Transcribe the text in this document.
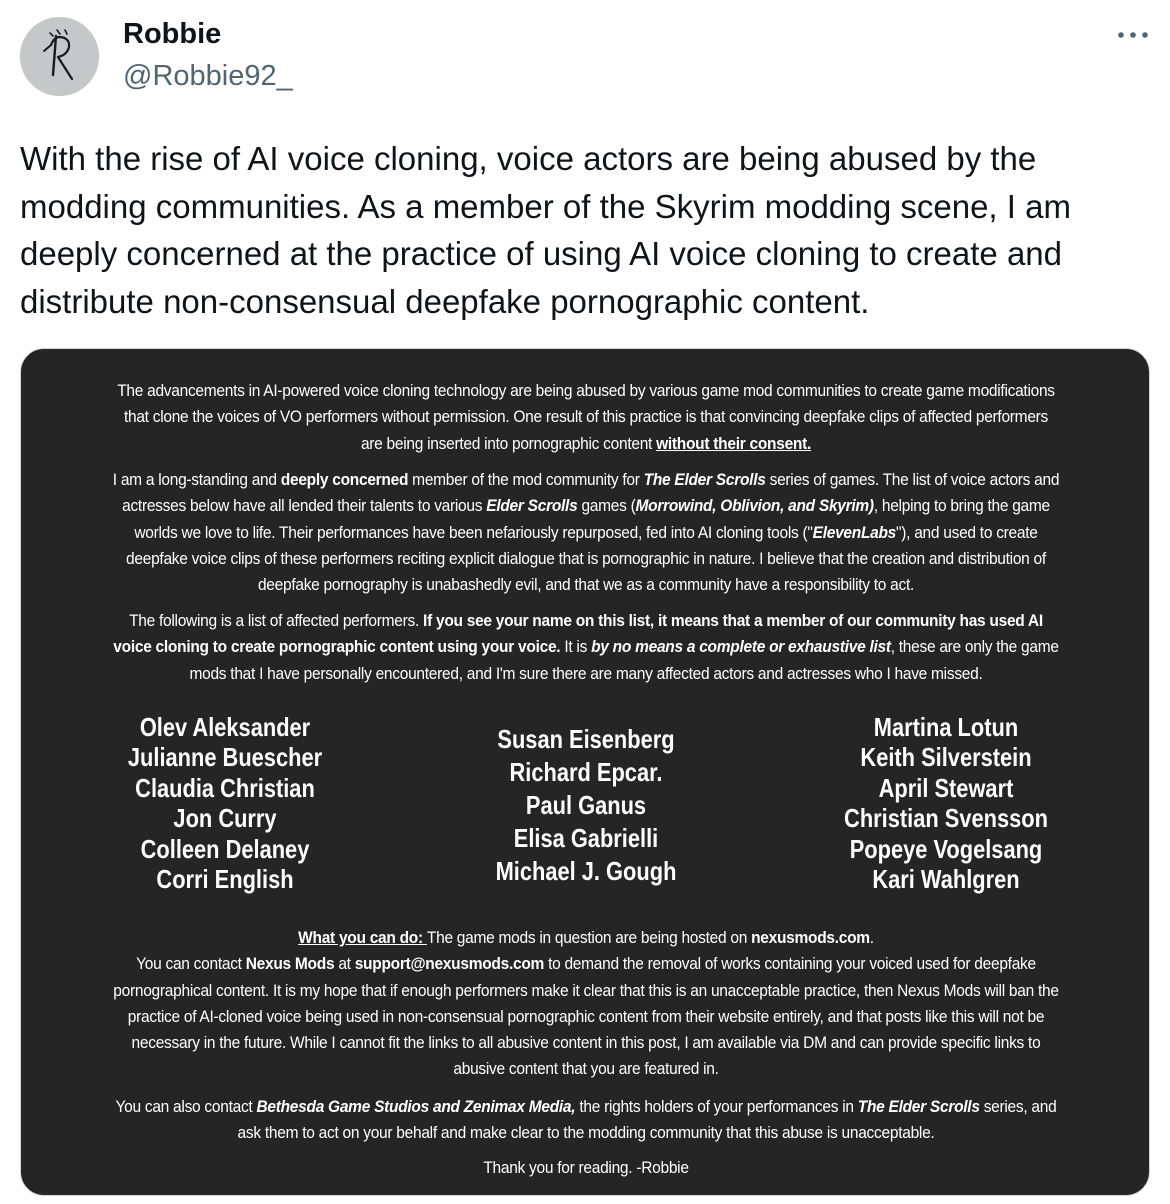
Robbie
@Robbie92_
With the rise of AI voice cloning, voice actors are being abused by the modding communities. As a member of the Skyrim modding scene, I am deeply concerned at the practice of using AI voice cloning to create and distribute non-consensual deepfake pornographic content.
The advancements in AI-powered voice cloning technology are being abused by various game mod communities to create game modifications that clone the voices of VO performers without permission. One result of this practice is that convincing deepfake clips of affected performers are being inserted into pornographic content without their consent.
I am a long-standing and deeply concerned member of the mod community for The Elder Scrolls series of games. The list of voice actors and actresses below have all lended their talents to various Elder Scrolls games (Morrowind, Oblivion, and Skyrim), helping to bring the game worlds we love to life. Their performances have been nefariously repurposed, fed into AI cloning tools ("ElevenLabs"), and used to create deepfake voice clips of these performers reciting explicit dialogue that is pornographic in nature. I believe that the creation and distribution of deepfake pornography is unabashedly evil, and that we as a community have a responsibility to act.
The following is a list of affected performers. If you see your name on this list, it means that a member of our community has used AI voice cloning to create pornographic content using your voice. It is by no means a complete or exhaustive list, these are only the game mods that I have personally encountered, and I'm sure there are many affected actors and actresses who I have missed.
Olev Aleksander
Julianne Buescher
Claudia Christian
Jon Curry
Colleen Delaney
Corri English
Susan Eisenberg
Richard Epcar.
Paul Ganus
Elisa Gabrielli
Michael J. Gough
Martina Lotun
Keith Silverstein
April Stewart
Christian Svensson
Popeye Vogelsang
Kari Wahlgren
What you can do: The game mods in question are being hosted on nexusmods.com.
You can contact Nexus Mods at support@nexusmods.com to demand the removal of works containing your voiced used for deepfake pornographical content. It is my hope that if enough performers make it clear that this is an unacceptable practice, then Nexus Mods will ban the practice of AI-cloned voice being used in non-consensual pornographic content from their website entirely, and that posts like this will not be necessary in the future. While I cannot fit the links to all abusive content in this post, I am available via DM and can provide specific links to abusive content that you are featured in.
You can also contact Bethesda Game Studios and Zenimax Media, the rights holders of your performances in The Elder Scrolls series, and ask them to act on your behalf and make clear to the modding community that this abuse is unacceptable.
Thank you for reading. -Robbie
